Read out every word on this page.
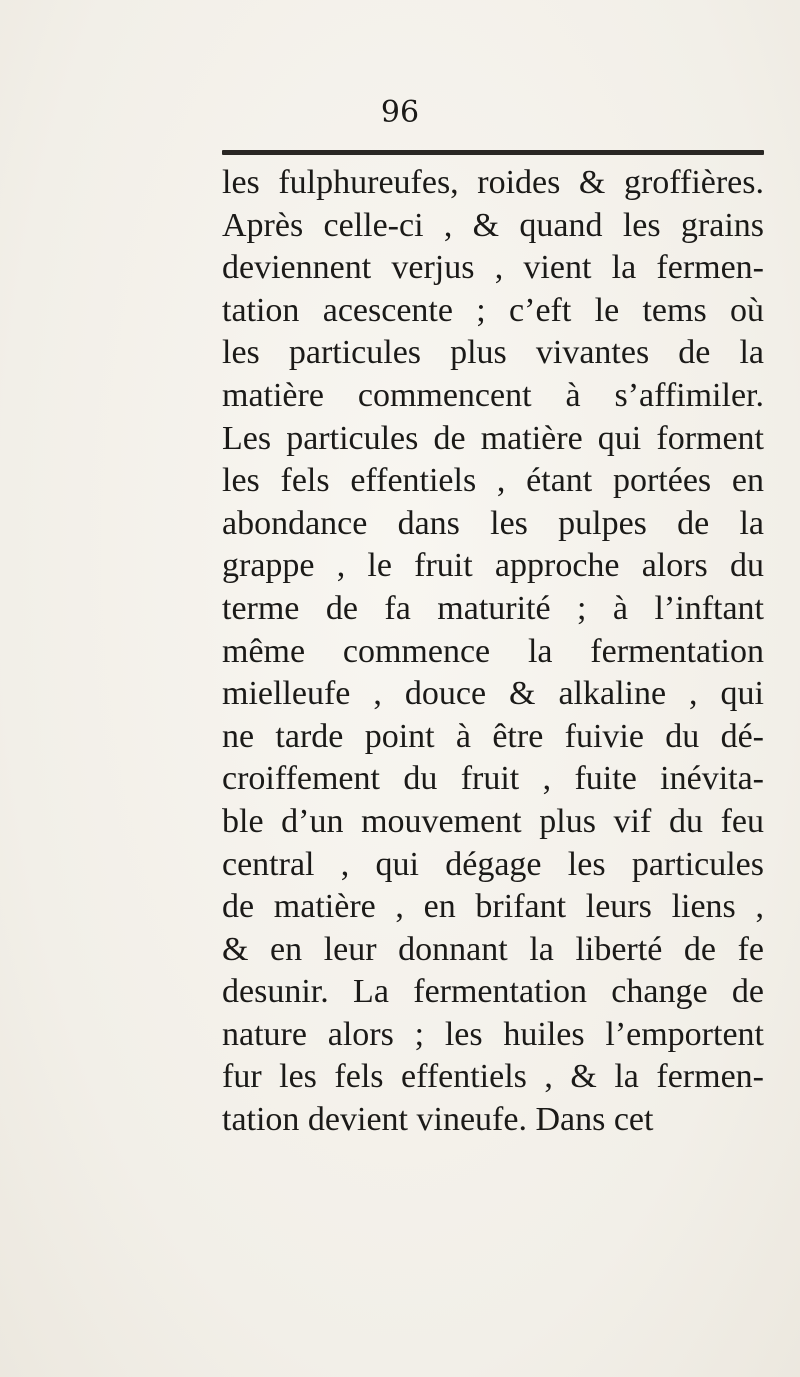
96
les fulphureufes, roides & groffières.
Après celle-ci , & quand les grains
deviennent verjus , vient la fermen-
tation acescente ; c’eft le tems où
les particules plus vivantes de la
matière commencent à s’affimiler.
Les particules de matière qui forment
les fels effentiels , étant portées en
abondance dans les pulpes de la
grappe , le fruit approche alors du
terme de fa maturité ; à l’inftant
même commence la fermentation
mielleufe , douce & alkaline , qui
ne tarde point à être fuivie du dé-
croiffement du fruit , fuite inévita-
ble d’un mouvement plus vif du feu
central , qui dégage les particules
de matière , en brifant leurs liens ,
& en leur donnant la liberté de fe
desunir. La fermentation change de
nature alors ; les huiles l’emportent
fur les fels effentiels , & la fermen-
tation devient vineufe. Dans cet
